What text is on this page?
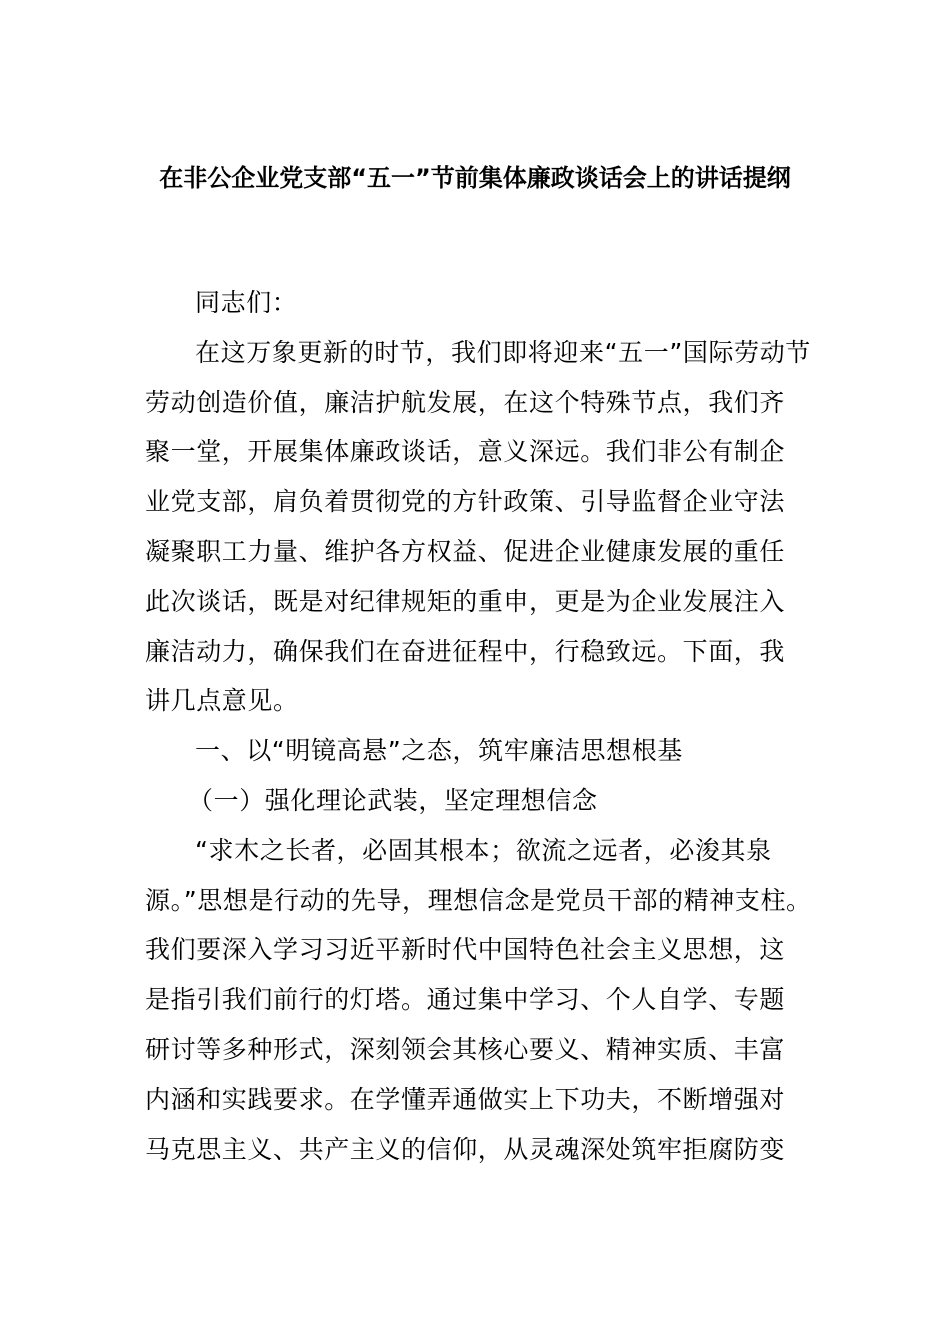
在非公企业党支部“五一”节前集体廉政谈话会上的讲话提纲
同志们：
在这万象更新的时节，我们即将迎来“五一”国际劳动节
劳动创造价值，廉洁护航发展，在这个特殊节点，我们齐
聚一堂，开展集体廉政谈话，意义深远。我们非公有制企
业党支部，肩负着贯彻党的方针政策、引导监督企业守法
凝聚职工力量、维护各方权益、促进企业健康发展的重任
此次谈话，既是对纪律规矩的重申，更是为企业发展注入
廉洁动力，确保我们在奋进征程中，行稳致远。下面，我
讲几点意见。
一、以“明镜高悬”之态，筑牢廉洁思想根基
（一）强化理论武装，坚定理想信念
“求木之长者，必固其根本；欲流之远者，必浚其泉
源。”思想是行动的先导，理想信念是党员干部的精神支柱。
我们要深入学习习近平新时代中国特色社会主义思想，这
是指引我们前行的灯塔。通过集中学习、个人自学、专题
研讨等多种形式，深刻领会其核心要义、精神实质、丰富
内涵和实践要求。在学懂弄通做实上下功夫，不断增强对
马克思主义、共产主义的信仰，从灵魂深处筑牢拒腐防变
